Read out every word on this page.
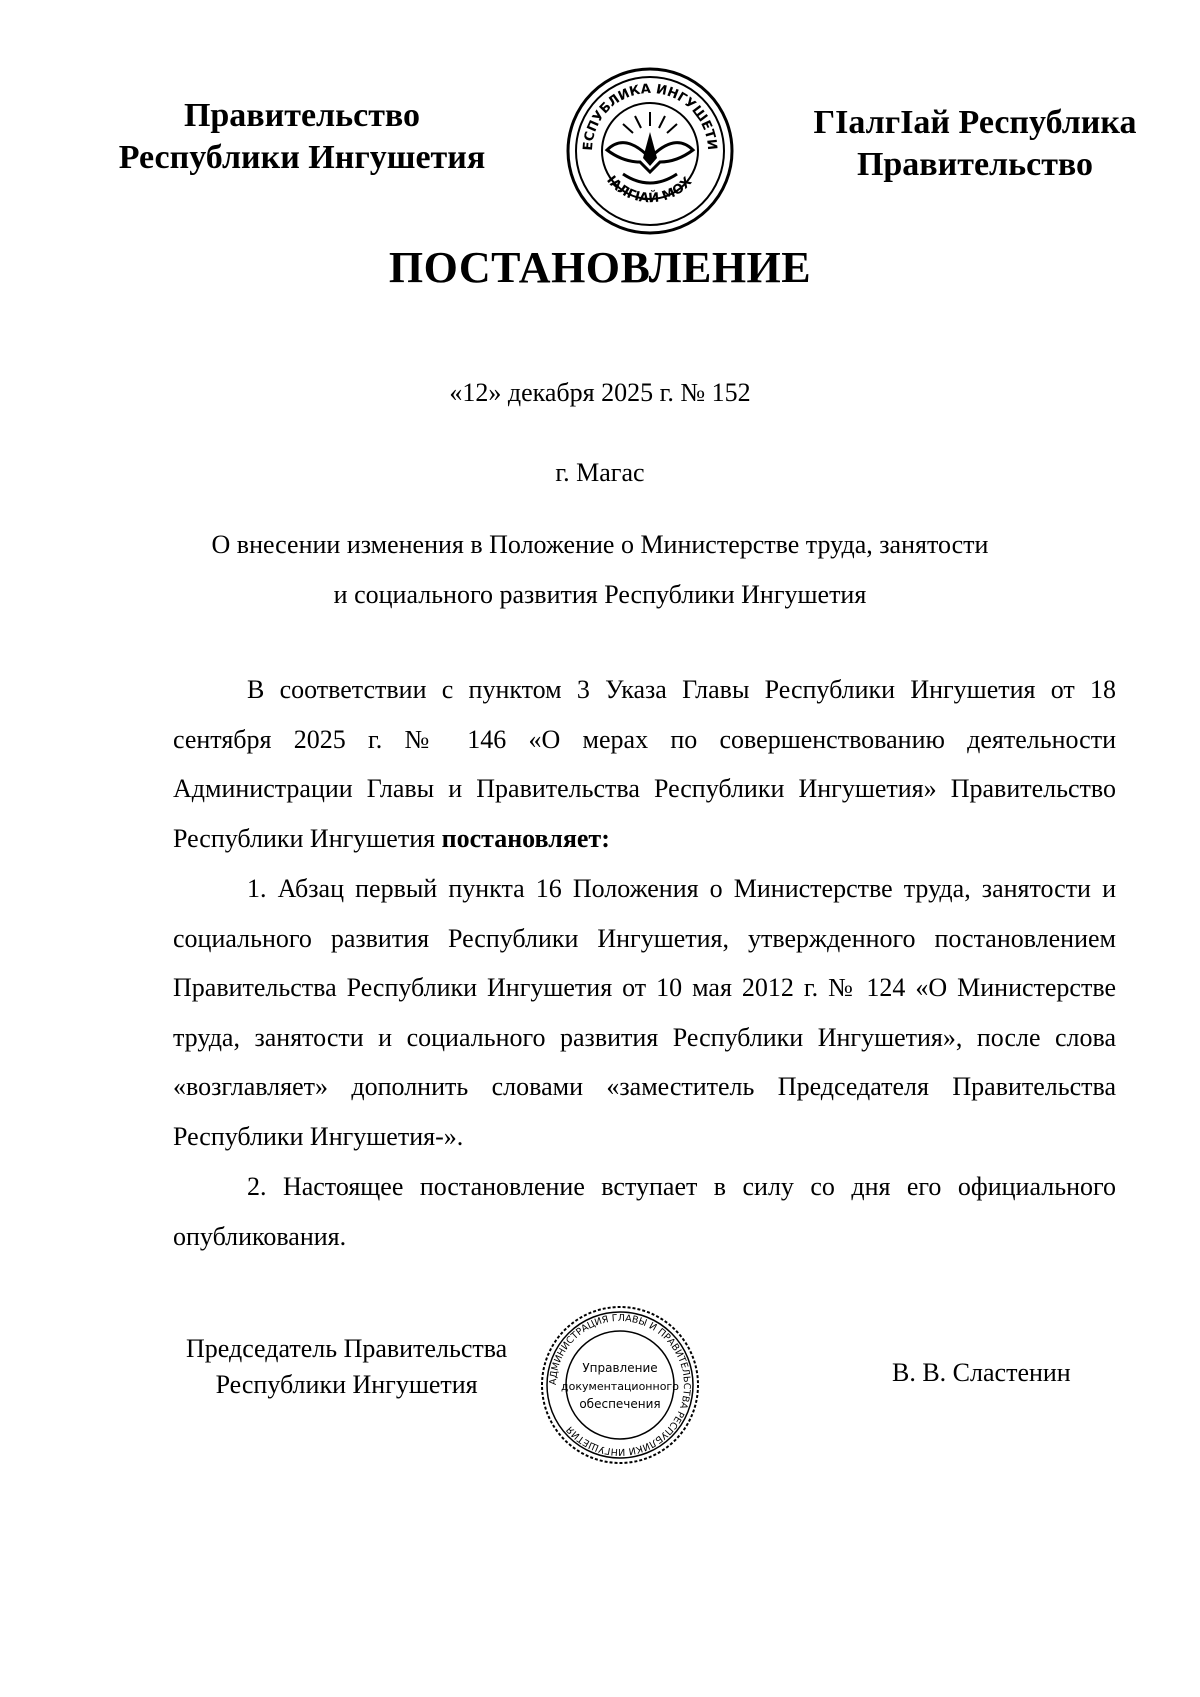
Правительство
Республики Ингушетия	ЕСПУБЛИКА ИНГУШЕТИ
IАЛГIАЙ МОХ
ГIалгIай Республика
Правительство
ПОСТАНОВЛЕНИЕ
«12» декабря 2025 г. № 152
г. Магас
О внесении изменения в Положение о Министерстве труда, занятости
и социального развития Республики Ингушетия

В соответствии с пунктом 3 Указа Главы Республики Ингушетия от 18 сентября 2025 г. № 146 «О мерах по совершенствованию деятельности Администрации Главы и Правительства Республики Ингушетия» Правительство Республики Ингушетия постановляет:

1. Абзац первый пункта 16 Положения о Министерстве труда, занятости и социального развития Республики Ингушетия, утвержденного постановлением Правительства Республики Ингушетия от 10 мая 2012 г. № 124 «О Министерстве труда, занятости и социального развития Республики Ингушетия», после слова «возглавляет» дополнить словами «заместитель Председателя Правительства Республики Ингушетия-».

2. Настоящее постановление вступает в силу со дня его официального опубликования.

Председатель Правительства
Республики Ингушетия	АДМИНИСТРАЦИЯ ГЛАВЫ И ПРАВИТЕЛЬСТВА РЕСПУБЛИКИ ИНГУШЕТИЯ
Управление
документационного
обеспечения
В. В. Сластенин
